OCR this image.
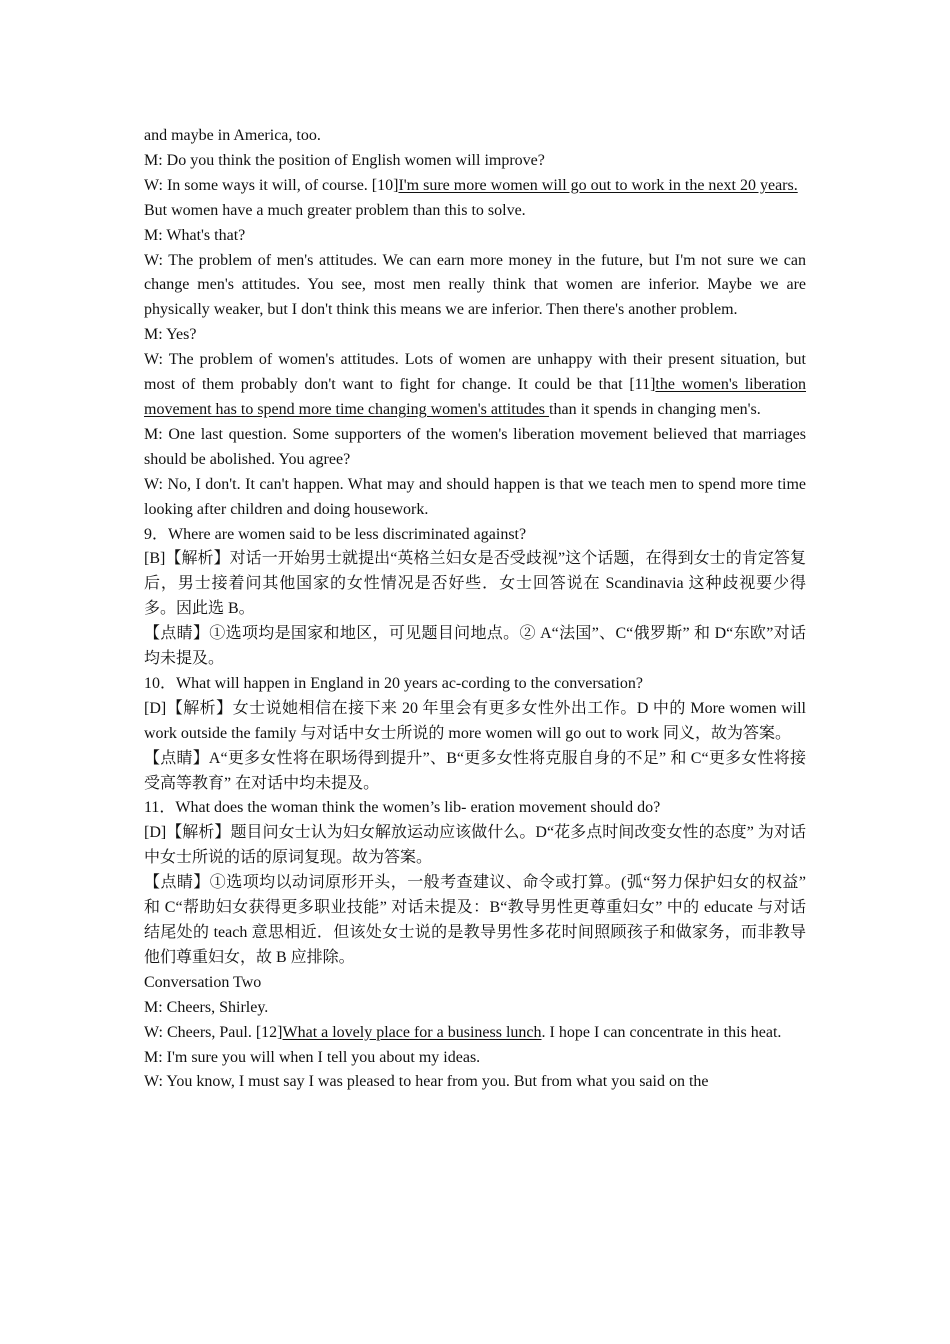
and maybe in America, too.

M: Do you think the position of English women will improve?

W: In some ways it will, of course. [10]I'm sure more women will go out to work in the next 20 years.

But women have a much greater problem than this to solve.

M: What's that?

W: The problem of men's attitudes. We can earn more money in the future, but I'm not sure we can change men's attitudes. You see, most men really think that women are inferior. Maybe we are physically weaker, but I don't think this means we are inferior. Then there's another problem.

M: Yes?

W: The problem of women's attitudes. Lots of women are unhappy with their present situation, but most of them probably don't want to fight for change. It could be that [11]the women's liberation movement has to spend more time changing women's attitudes than it spends in changing men's.

M: One last question. Some supporters of the women's liberation movement believed that marriages should be abolished. You agree?

W: No, I don't. It can't happen. What may and should happen is that we teach men to spend more time looking after children and doing housework.

9．Where are women said to be less discriminated against?

[B]【解析】对话一开始男士就提出“英格兰妇女是否受歧视”这个话题，在得到女士的肯定答复后，男士接着问其他国家的女性情况是否好些．女士回答说在 Scandinavia 这种歧视要少得多。因此选 B。

【点睛】①选项均是国家和地区，可见题目问地点。② A“法国”、C“俄罗斯” 和 D“东欧”对话均未提及。

10．What will happen in England in 20 years ac-cording to the conversation?

[D]【解析】女士说她相信在接下来 20 年里会有更多女性外出工作。D 中的 More women will work outside the family 与对话中女士所说的 more women will go out to work 同义，故为答案。

【点睛】A“更多女性将在职场得到提升”、B“更多女性将克服自身的不足” 和 C“更多女性将接受高等教育” 在对话中均未提及。

11．What does the woman think the women’s lib- eration movement should do?

[D]【解析】题目问女士认为妇女解放运动应该做什么。D“花多点时间改变女性的态度” 为对话中女士所说的话的原词复现。故为答案。

【点睛】①选项均以动词原形开头，一般考查建议、命令或打算。(弧“努力保护妇女的权益” 和 C“帮助妇女获得更多职业技能” 对话未提及：B“教导男性更尊重妇女” 中的 educate 与对话结尾处的 teach 意思相近．但该处女士说的是教导男性多花时间照顾孩子和做家务，而非教导他们尊重妇女，故 B 应排除。

Conversation Two

M: Cheers, Shirley.

W: Cheers, Paul. [12]What a lovely place for a business lunch. I hope I can concentrate in this heat.

M: I'm sure you will when I tell you about my ideas.

W: You know, I must say I was pleased to hear from you. But from what you said on the
